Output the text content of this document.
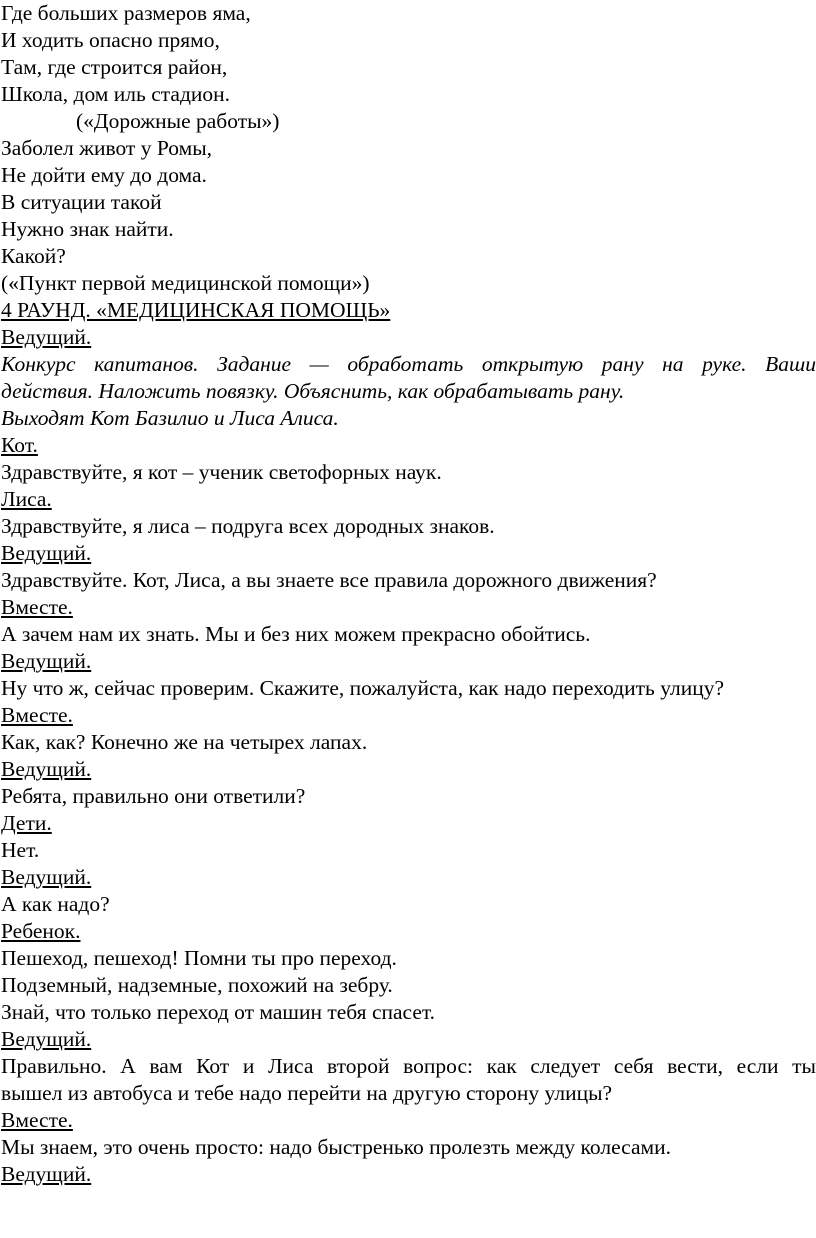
Где больших размеров яма,
И ходить опасно прямо,
Там, где строится район,
Школа, дом иль стадион.
(«Дорожные работы»)
Заболел живот у Ромы,
Не дойти ему до дома.
В ситуации такой
Нужно знак найти.
Какой?
(«Пункт первой медицинской помощи»)
4 РАУНД. «МЕДИЦИНСКАЯ ПОМОЩЬ»
Ведущий.
Конкурс капитанов. Задание — обработать открытую рану на руке. Ваши
действия. Наложить повязку. Объяснить, как обрабатывать рану.
Выходят Кот Базилио и Лиса Алиса.
Кот.
Здравствуйте, я кот – ученик светофорных наук.
Лиса.
Здравствуйте, я лиса – подруга всех дородных знаков.
Ведущий.
Здравствуйте. Кот, Лиса, а вы знаете все правила дорожного движения?
Вместе.
А зачем нам их знать. Мы и без них можем прекрасно обойтись.
Ведущий.
Ну что ж, сейчас проверим. Скажите, пожалуйста, как надо переходить улицу?
Вместе.
Как, как? Конечно же на четырех лапах.
Ведущий.
Ребята, правильно они ответили?
Дети.
Нет.
Ведущий.
А как надо?
Ребенок.
Пешеход, пешеход! Помни ты про переход.
Подземный, надземные, похожий на зебру.
Знай, что только переход от машин тебя спасет.
Ведущий.
Правильно. А вам Кот и Лиса второй вопрос: как следует себя вести, если ты
вышел из автобуса и тебе надо перейти на другую сторону улицы?
Вместе.
Мы знаем, это очень просто: надо быстренько пролезть между колесами.
Ведущий.
